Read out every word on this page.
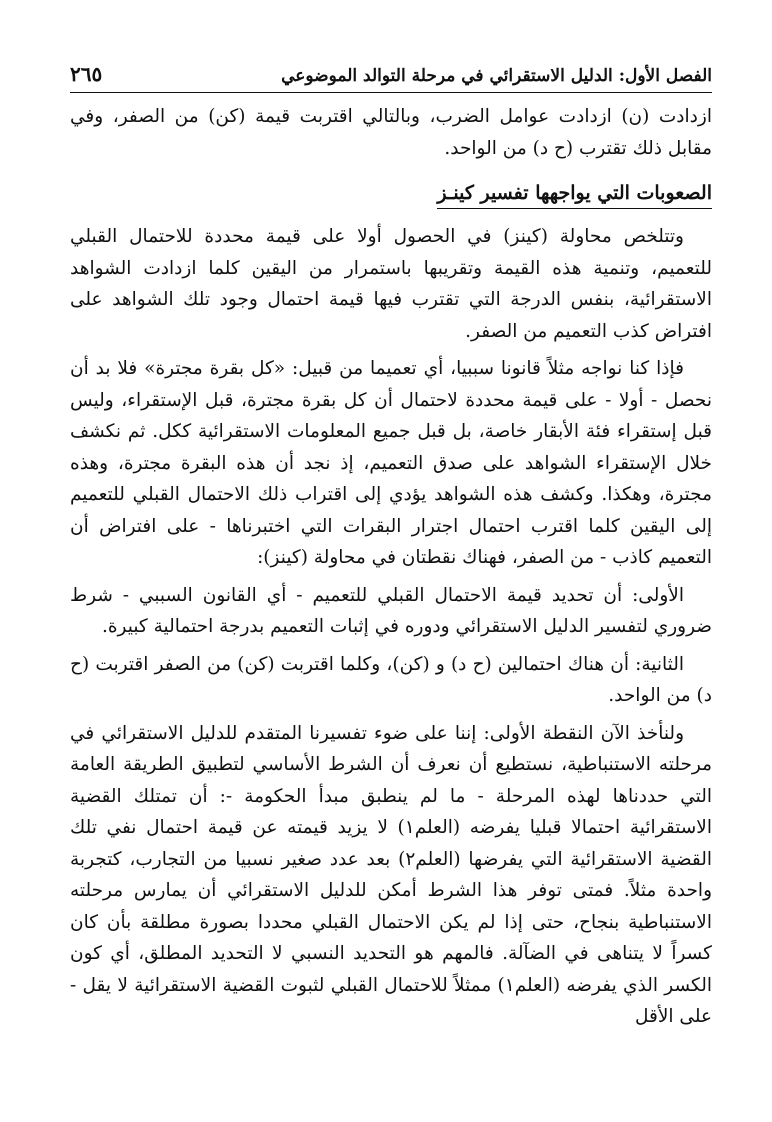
الفصل الأول: الدليل الاستقرائي في مرحلة التوالد الموضوعي
٢٦٥

ازدادت (ن) ازدادت عوامل الضرب، وبالتالي اقتربت قيمة (كن) من الصفر، وفي مقابل ذلك تقترب (ح د) من الواحد.

الصعوبات التي يواجهها تفسير كينـز

وتتلخص محاولة (كينز) في الحصول أولا على قيمة محددة للاحتمال القبلي للتعميم، وتنمية هذه القيمة وتقريبها باستمرار من اليقين كلما ازدادت الشواهد الاستقرائية، بنفس الدرجة التي تقترب فيها قيمة احتمال وجود تلك الشواهد على افتراض كذب التعميم من الصفر.

فإذا كنا نواجه مثلاً قانونا سببيا، أي تعميما من قبيل: «كل بقرة مجترة» فلا بد أن نحصل - أولا - على قيمة محددة لاحتمال أن كل بقرة مجترة، قبل الإستقراء، وليس قبل إستقراء فئة الأبقار خاصة، بل قبل جميع المعلومات الاستقرائية ككل. ثم نكشف خلال الإستقراء الشواهد على صدق التعميم، إذ نجد أن هذه البقرة مجترة، وهذه مجترة، وهكذا. وكشف هذه الشواهد يؤدي إلى اقتراب ذلك الاحتمال القبلي للتعميم إلى اليقين كلما اقترب احتمال اجترار البقرات التي اختبرناها - على افتراض أن التعميم كاذب - من الصفر، فهناك نقطتان في محاولة (كينز):

الأولى: أن تحديد قيمة الاحتمال القبلي للتعميم - أي القانون السببي - شرط ضروري لتفسير الدليل الاستقرائي ودوره في إثبات التعميم بدرجة احتمالية كبيرة.

الثانية: أن هناك احتمالين (ح د) و (كن)، وكلما اقتربت (كن) من الصفر اقتربت (ح د) من الواحد.

ولنأخذ الآن النقطة الأولى: إننا على ضوء تفسيرنا المتقدم للدليل الاستقرائي في مرحلته الاستنباطية، نستطيع أن نعرف أن الشرط الأساسي لتطبيق الطريقة العامة التي حددناها لهذه المرحلة - ما لم ينطبق مبدأ الحكومة -: أن تمتلك القضية الاستقرائية احتمالا قبليا يفرضه (العلم١) لا يزيد قيمته عن قيمة احتمال نفي تلك القضية الاستقرائية التي يفرضها (العلم٢) بعد عدد صغير نسبيا من التجارب، كتجربة واحدة مثلاً. فمتى توفر هذا الشرط أمكن للدليل الاستقرائي أن يمارس مرحلته الاستنباطية بنجاح، حتى إذا لم يكن الاحتمال القبلي محددا بصورة مطلقة بأن كان كسراً لا يتناهى في الضآلة. فالمهم هو التحديد النسبي لا التحديد المطلق، أي كون الكسر الذي يفرضه (العلم١) ممثلاً للاحتمال القبلي لثبوت القضية الاستقرائية لا يقل - على الأقل
